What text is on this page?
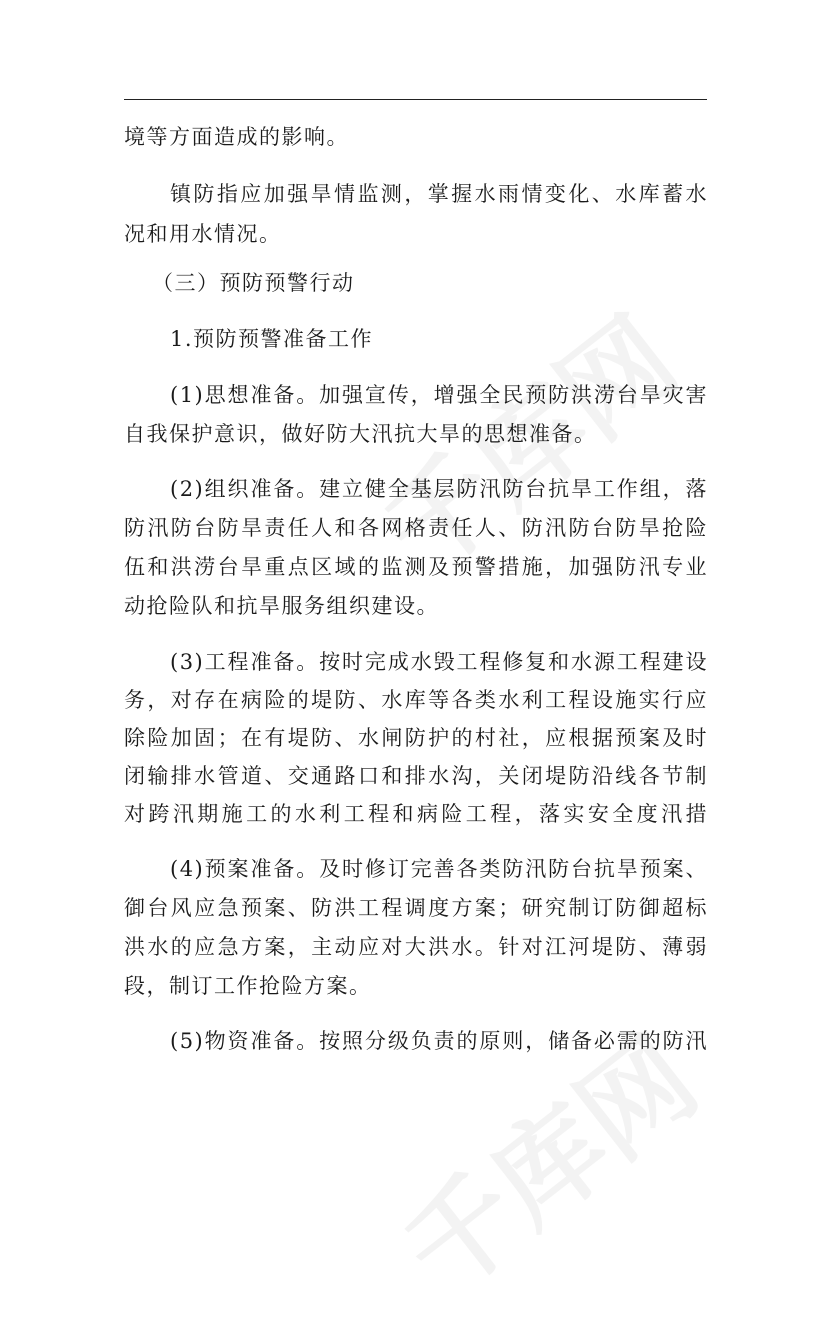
境等方面造成的影响。
镇防指应加强旱情监测，掌握水雨情变化、水库蓄水
况和用水情况。
（三）预防预警行动
1.预防预警准备工作
(1)思想准备。加强宣传，增强全民预防洪涝台旱灾害
自我保护意识，做好防大汛抗大旱的思想准备。
(2)组织准备。建立健全基层防汛防台抗旱工作组，落
防汛防台防旱责任人和各网格责任人、防汛防台防旱抢险
伍和洪涝台旱重点区域的监测及预警措施，加强防汛专业
动抢险队和抗旱服务组织建设。
(3)工程准备。按时完成水毁工程修复和水源工程建设
务，对存在病险的堤防、水库等各类水利工程设施实行应
除险加固；在有堤防、水闸防护的村社，应根据预案及时
闭输排水管道、交通路口和排水沟，关闭堤防沿线各节制
对跨汛期施工的水利工程和病险工程，落实安全度汛措
(4)预案准备。及时修订完善各类防汛防台抗旱预案、
御台风应急预案、防洪工程调度方案；研究制订防御超标
洪水的应急方案，主动应对大洪水。针对江河堤防、薄弱
段，制订工作抢险方案。
(5)物资准备。按照分级负责的原则，储备必需的防汛
